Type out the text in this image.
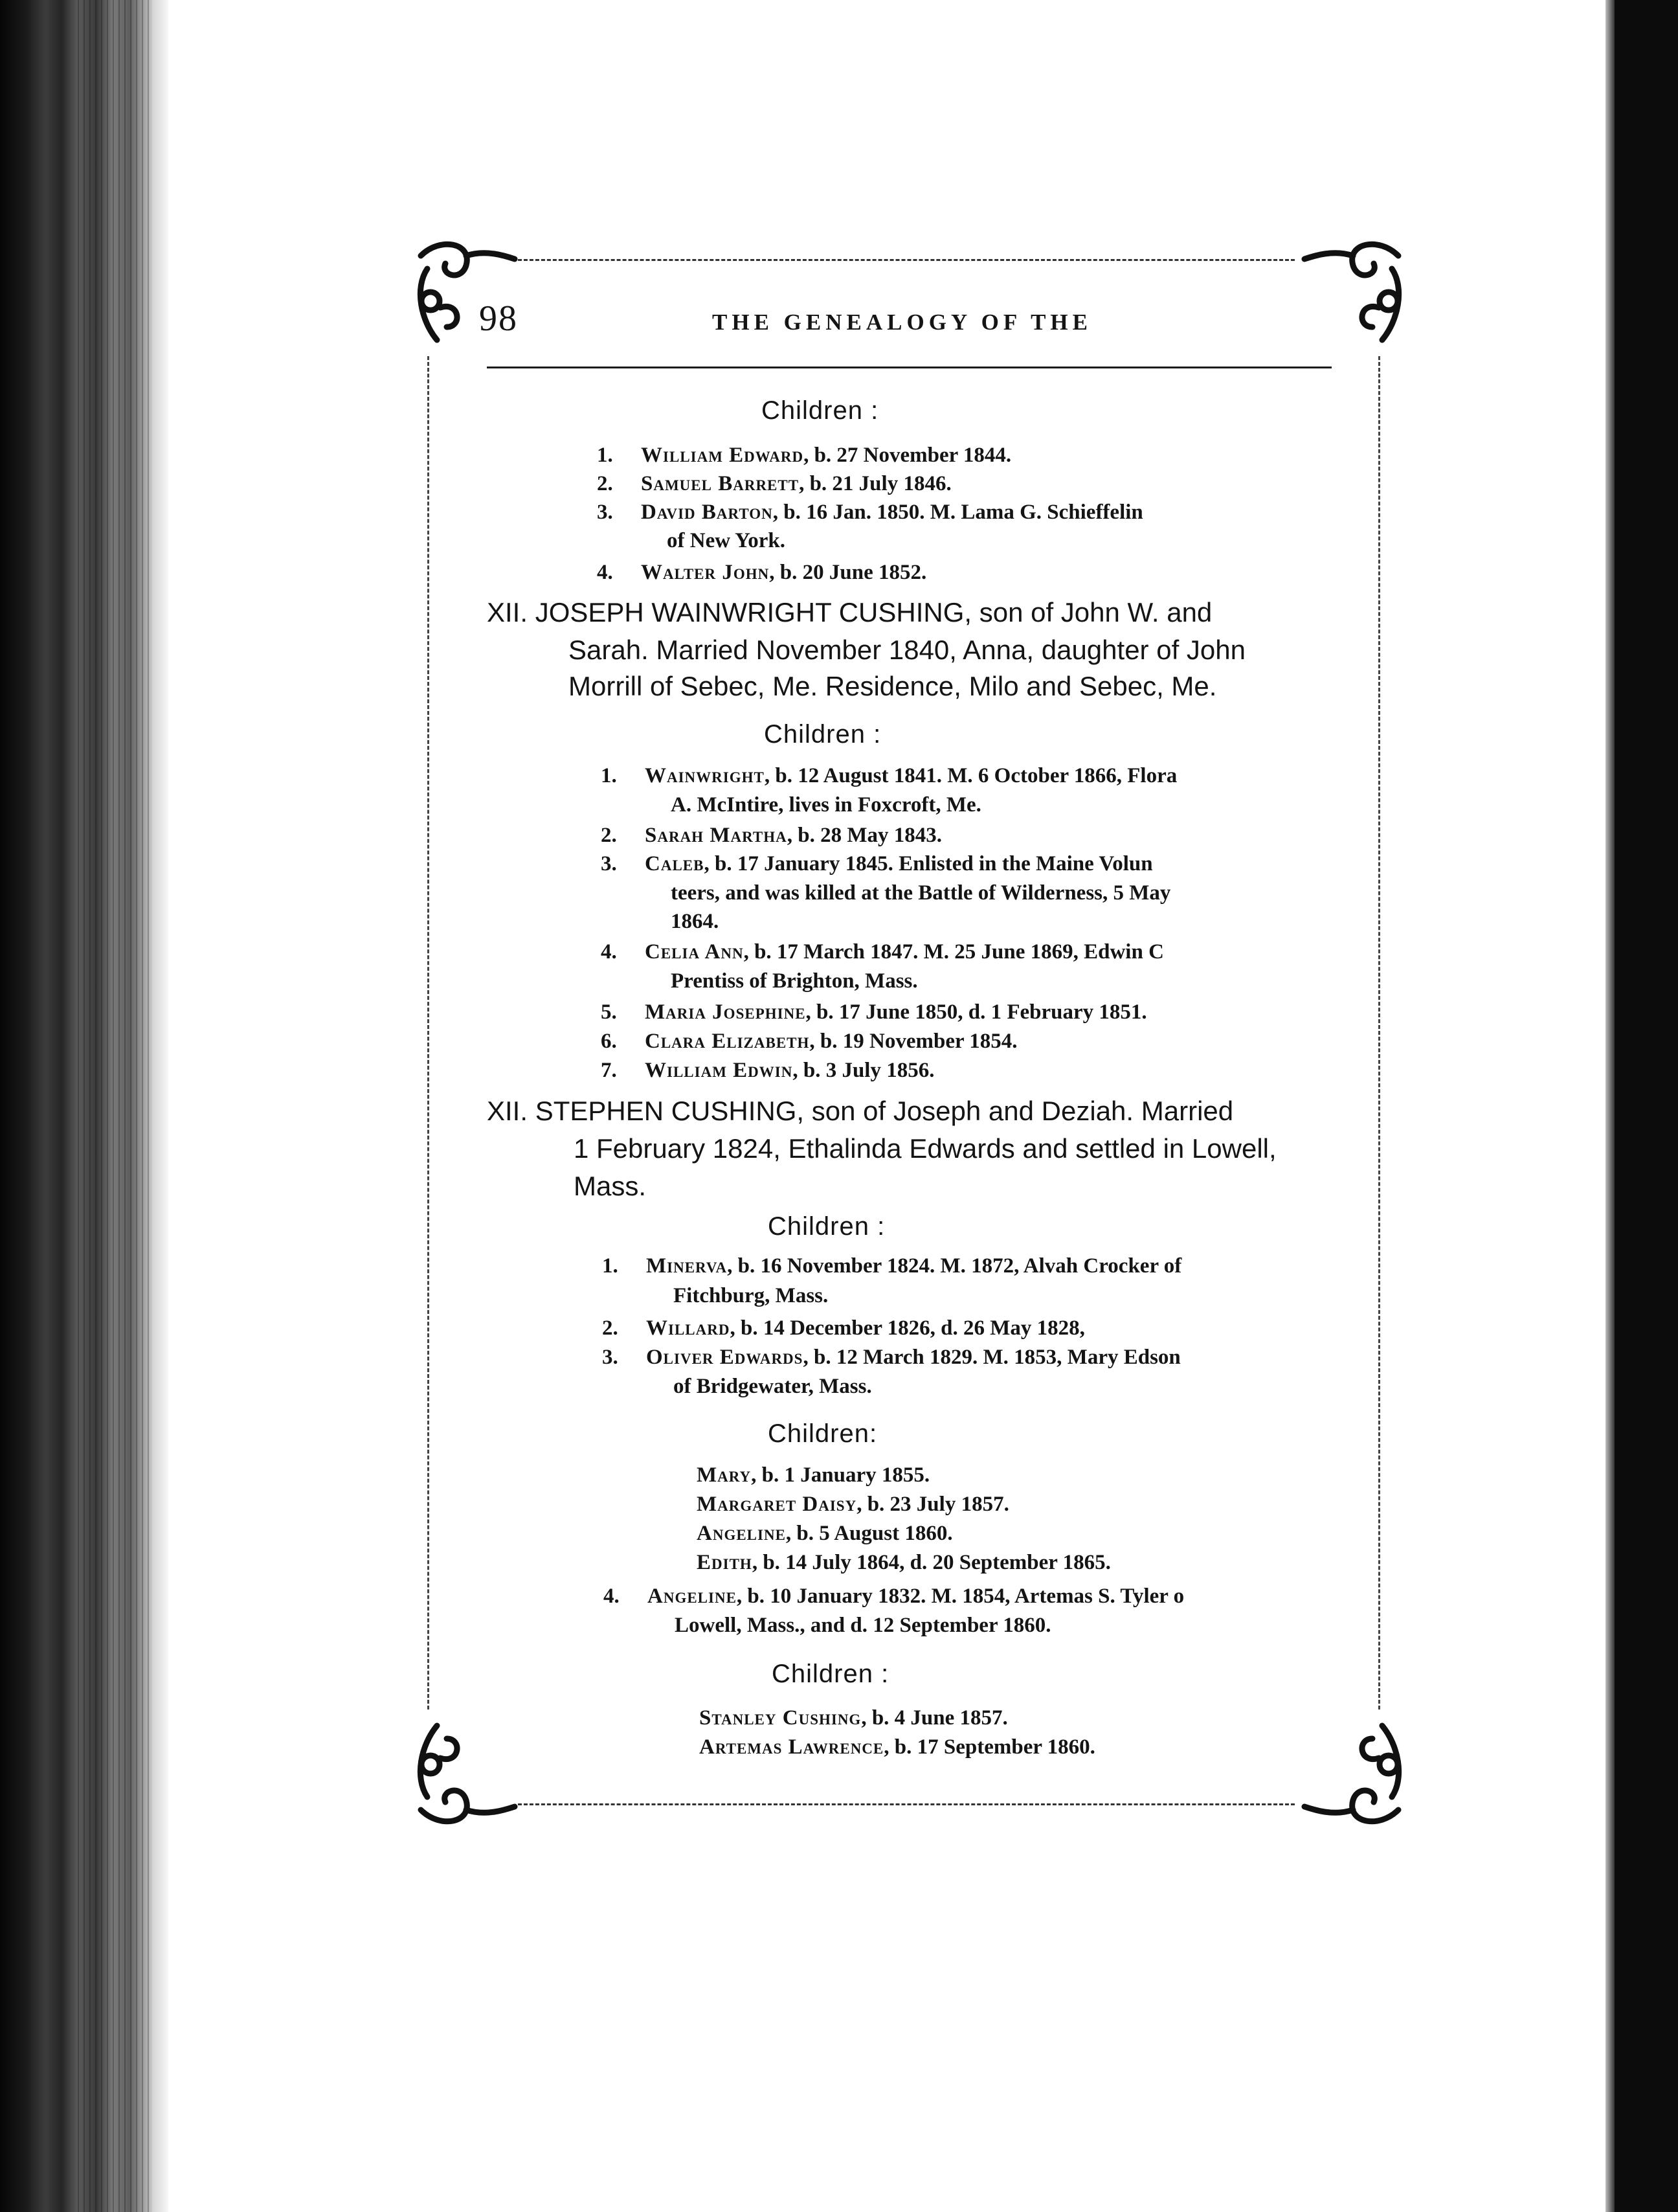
98	THE GENEALOGY OF THE
Children :
1. William Edward, b. 27 November 1844.
2. Samuel Barrett, b. 21 July 1846.
3. David Barton, b. 16 Jan. 1850. M. Lama G. Schieffelin
of New York.
4. Walter John, b. 20 June 1852.
XII. JOSEPH WAINWRIGHT CUSHING, son of John W. and
Sarah. Married November 1840, Anna, daughter of John
Morrill of Sebec, Me. Residence, Milo and Sebec, Me.
Children :
1. Wainwright, b. 12 August 1841. M. 6 October 1866, Flora
A. McIntire, lives in Foxcroft, Me.
2. Sarah Martha, b. 28 May 1843.
3. Caleb, b. 17 January 1845. Enlisted in the Maine Volun
teers, and was killed at the Battle of Wilderness, 5 May
1864.
4. Celia Ann, b. 17 March 1847. M. 25 June 1869, Edwin C
Prentiss of Brighton, Mass.
5. Maria Josephine, b. 17 June 1850, d. 1 February 1851.
6. Clara Elizabeth, b. 19 November 1854.
7. William Edwin, b. 3 July 1856.
XII. STEPHEN CUSHING, son of Joseph and Deziah. Married
1 February 1824, Ethalinda Edwards and settled in Lowell,
Mass.
Children :
1. Minerva, b. 16 November 1824. M. 1872, Alvah Crocker of
Fitchburg, Mass.
2. Willard, b. 14 December 1826, d. 26 May 1828,
3. Oliver Edwards, b. 12 March 1829. M. 1853, Mary Edson
of Bridgewater, Mass.
Children:
Mary, b. 1 January 1855.
Margaret Daisy, b. 23 July 1857.
Angeline, b. 5 August 1860.
Edith, b. 14 July 1864, d. 20 September 1865.
4. Angeline, b. 10 January 1832. M. 1854, Artemas S. Tyler o
Lowell, Mass., and d. 12 September 1860.
Children :
Stanley Cushing, b. 4 June 1857.
Artemas Lawrence, b. 17 September 1860.
